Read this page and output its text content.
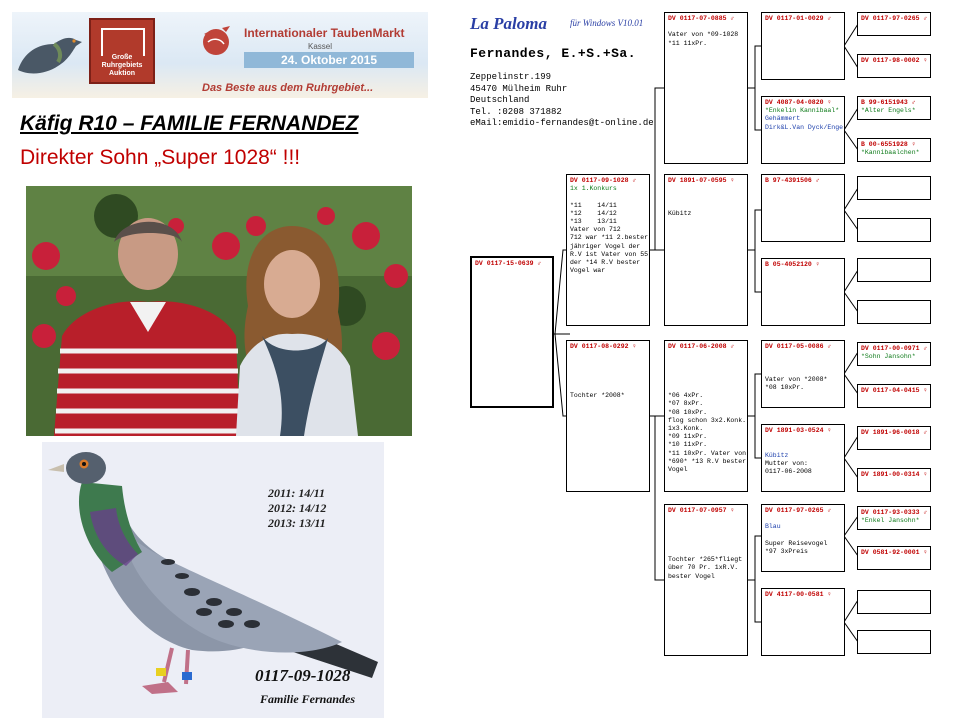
Große Ruhrgebiets Auktion
Internationaler TaubenMarkt
Kassel
24. Oktober 2015
Das Beste aus dem Ruhrgebiet...
Käfig R10 – FAMILIE FERNANDEZ
Direkter Sohn „Super 1028“ !!!
2011: 14/11
2012: 14/12
2013: 13/11
0117-09-1028
Familie Fernandes
La Paloma	für Windows V10.01
Fernandes, E.+S.+Sa.
Zeppelinstr.199
45470 Mülheim Ruhr
Deutschland
Tel. :0208 371882
eMail:emidio-fernandes@t-online.de
DV 0117-15-0639 ♂
DV 0117-09-1028 ♂
1x 1.Konkurs

*11    14/11
*12    14/12
*13    13/11
Vater von 712
712 war *11 2.bester
jähriger Vogel der
R.V ist Vater von 55
der *14 R.V bester
Vogel war
DV 0117-08-0292 ♀

Tochter *2008*
DV 0117-07-0885 ♂

Vater von *09-1028
*11 11xPr.
DV 1891-07-0595 ♀

Kübitz
DV 0117-06-2008 ♂

*06 4xPr.
*07 8xPr.
*08 10xPr.
flog schon 3x2.Konk.
1x3.Konk.
*09 11xPr.
*10 11xPr.
*11 10xPr. Vater von
*690* *13 R.V bester
Vogel
DV 0117-07-0957 ♀

Tochter *265*fliegt
über 70 Pr. 1xR.V.
bester Vogel
DV 0117-01-0029 ♂
DV 4087-04-0820 ♀
*Enkelin Kannibaal*
Gehämmert
Dirk&L.Van Dyck/Enge
B 97-4391506 ♂
B 05-4052120 ♀
DV 0117-05-0086 ♂

Vater von *2008*
*08 10xPr.
DV 1891-03-0524 ♀

Kübitz
Mutter von:
0117-06-2008
DV 0117-97-0265 ♂

Blau

Super Reisevogel
*97 3xPreis
DV 4117-00-0581 ♀
DV 0117-97-0265 ♂
DV 0117-98-0002 ♀
B 99-6151943 ♂
*Alter Engels*
B 00-6551928 ♀
*Kannibaalchen*
DV 0117-00-0971 ♂
*Sohn Jansohn*
DV 0117-04-0415 ♀
DV 1891-96-0018 ♂
DV 1891-00-0314 ♀
DV 0117-93-0333 ♂
*Enkel Jansohn*
DV 0581-92-0001 ♀
